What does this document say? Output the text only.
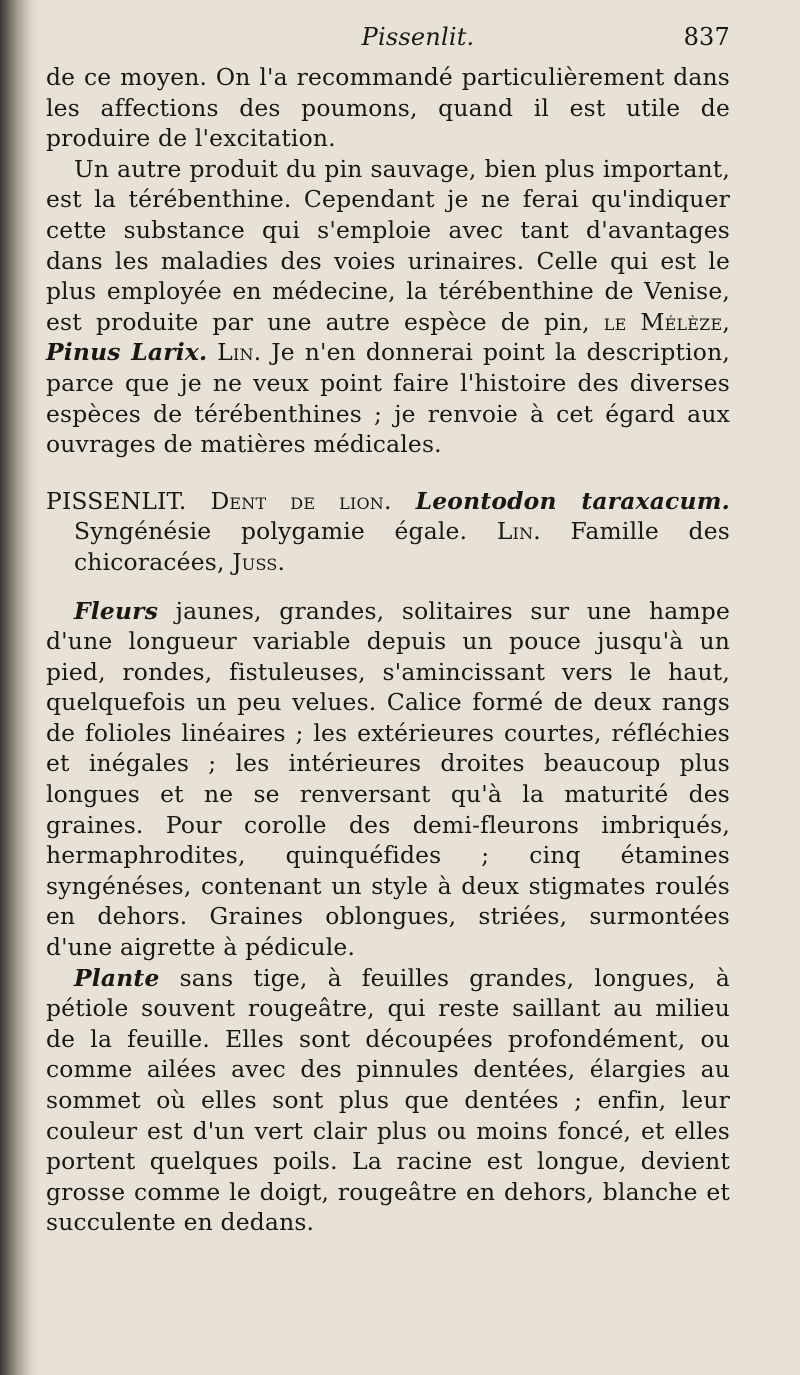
Pissenlit.	837

de ce moyen. On l'a recommandé particulièrement dans les affections des poumons, quand il est utile de produire de l'excitation.

Un autre produit du pin sauvage, bien plus important, est la térébenthine. Cependant je ne ferai qu'indiquer cette substance qui s'emploie avec tant d'avantages dans les maladies des voies urinaires. Celle qui est le plus employée en médecine, la térébenthine de Venise, est produite par une autre espèce de pin, le Mélèze, Pinus Larix. Lin. Je n'en donnerai point la description, parce que je ne veux point faire l'histoire des diverses espèces de térébenthines ; je renvoie à cet égard aux ouvrages de matières médicales.

PISSENLIT. Dent de lion. Leontodon taraxacum. Syngénésie polygamie égale. Lin. Famille des chicoracées, Juss.

Fleurs jaunes, grandes, solitaires sur une hampe d'une longueur variable depuis un pouce jusqu'à un pied, rondes, fistuleuses, s'amincissant vers le haut, quelquefois un peu velues. Calice formé de deux rangs de folioles linéaires ; les extérieures courtes, réfléchies et inégales ; les intérieures droites beaucoup plus longues et ne se renversant qu'à la maturité des graines. Pour corolle des demi-fleurons imbriqués, hermaphrodites, quinquéfides ; cinq étamines syngénéses, contenant un style à deux stigmates roulés en dehors. Graines oblongues, striées, surmontées d'une aigrette à pédicule.

Plante sans tige, à feuilles grandes, longues, à pétiole souvent rougeâtre, qui reste saillant au milieu de la feuille. Elles sont découpées profondément, ou comme ailées avec des pinnules dentées, élargies au sommet où elles sont plus que dentées ; enfin, leur couleur est d'un vert clair plus ou moins foncé, et elles portent quelques poils. La racine est longue, devient grosse comme le doigt, rougeâtre en dehors, blanche et succulente en dedans.
